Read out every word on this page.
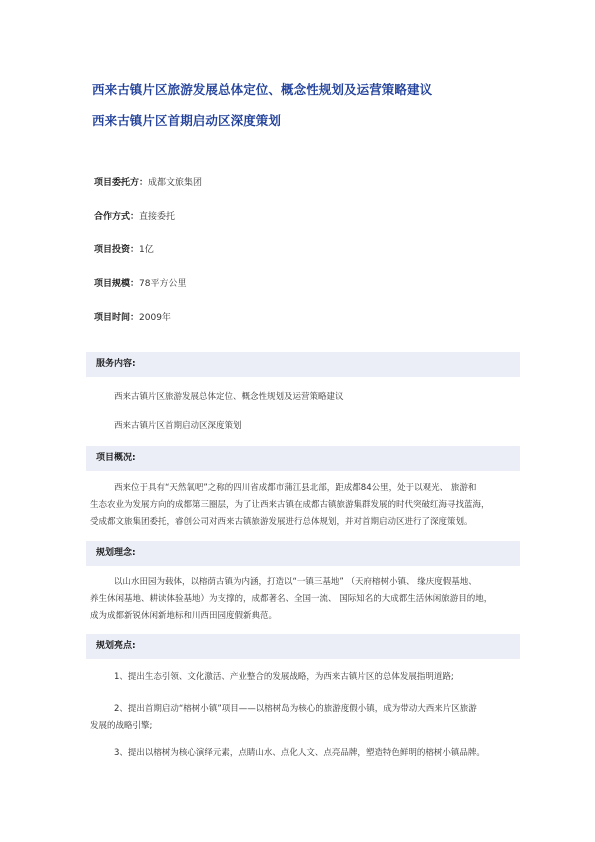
西来古镇片区旅游发展总体定位、概念性规划及运营策略建议
西来古镇片区首期启动区深度策划
项目委托方：成都文旅集团
合作方式：直接委托
项目投资：1亿
项目规模：78平方公里
项目时间：2009年
服务内容:
西来古镇片区旅游发展总体定位、概念性规划及运营策略建议
西来古镇片区首期启动区深度策划
项目概况:
西来位于具有“天然氧吧”之称的四川省成都市蒲江县北部，距成都84公里，处于以观光、 旅游和
生态农业为发展方向的成都第三圈层，为了让西来古镇在成都古镇旅游集群发展的时代突破红海寻找蓝海，
受成都文旅集团委托，睿创公司对西来古镇旅游发展进行总体规划，并对首期启动区进行了深度策划。
规划理念:
以山水田园为载体，以榕荫古镇为内涵，打造以“一镇三基地” （天府榕树小镇、 缘庆度假基地、
养生休闲基地、耕读体验基地）为支撑的，成都著名、全国一流、 国际知名的大成都生活休闲旅游目的地，
成为成都新锐休闲新地标和川西田园度假新典范。
规划亮点:
1、提出生态引领、文化激活、产业整合的发展战略，为西来古镇片区的总体发展指明道路;
2、提出首期启动“榕树小镇”项目——以榕树岛为核心的旅游度假小镇，成为带动大西来片区旅游
发展的战略引擎;
3、提出以榕树为核心演绎元素，点睛山水、点化人文、点亮品牌，塑造特色鲜明的榕树小镇品牌。
